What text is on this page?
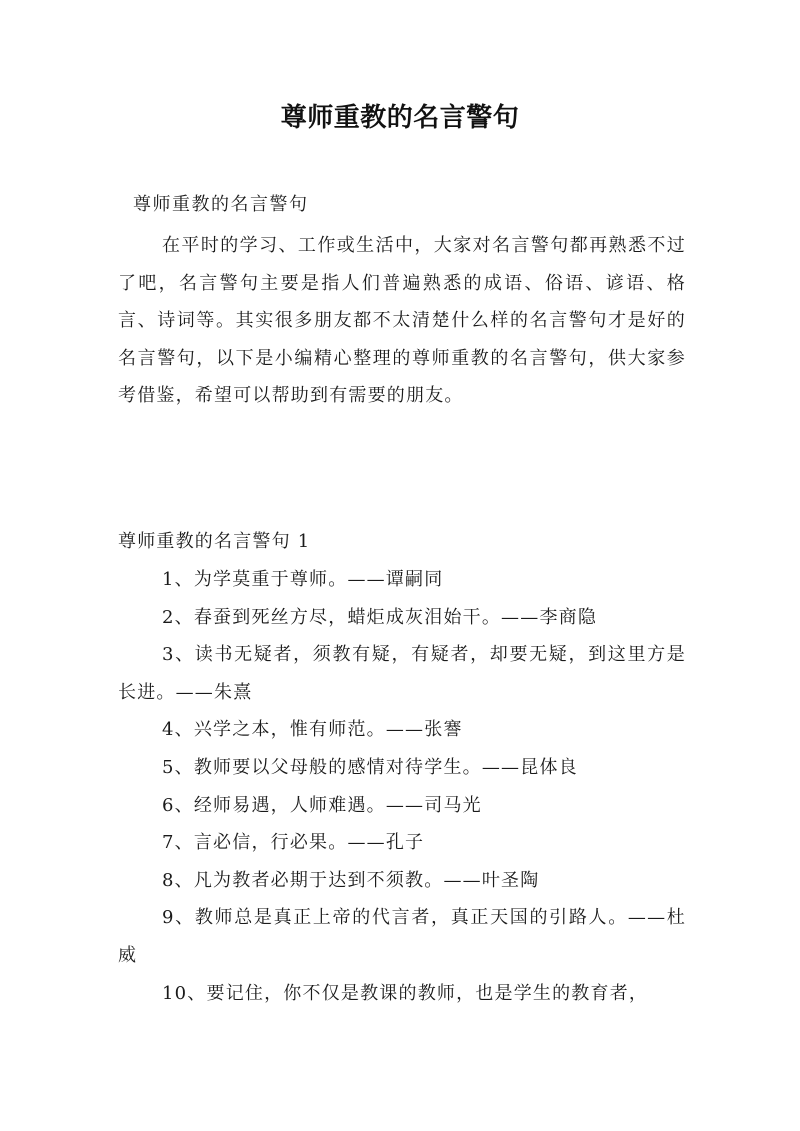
尊师重教的名言警句
尊师重教的名言警句

在平时的学习、工作或生活中，大家对名言警句都再熟悉不过了吧，名言警句主要是指人们普遍熟悉的成语、俗语、谚语、格言、诗词等。其实很多朋友都不太清楚什么样的名言警句才是好的名言警句，以下是小编精心整理的尊师重教的名言警句，供大家参考借鉴，希望可以帮助到有需要的朋友。

尊师重教的名言警句 1
1、为学莫重于尊师。——谭嗣同
2、春蚕到死丝方尽，蜡炬成灰泪始干。——李商隐
3、读书无疑者，须教有疑，有疑者，却要无疑，到这里方是长进。——朱熹
4、兴学之本，惟有师范。——张謇
5、教师要以父母般的感情对待学生。——昆体良
6、经师易遇，人师难遇。——司马光
7、言必信，行必果。——孔子
8、凡为教者必期于达到不须教。——叶圣陶
9、教师总是真正上帝的代言者，真正天国的引路人。——杜威
10、要记住，你不仅是教课的教师，也是学生的教育者，
